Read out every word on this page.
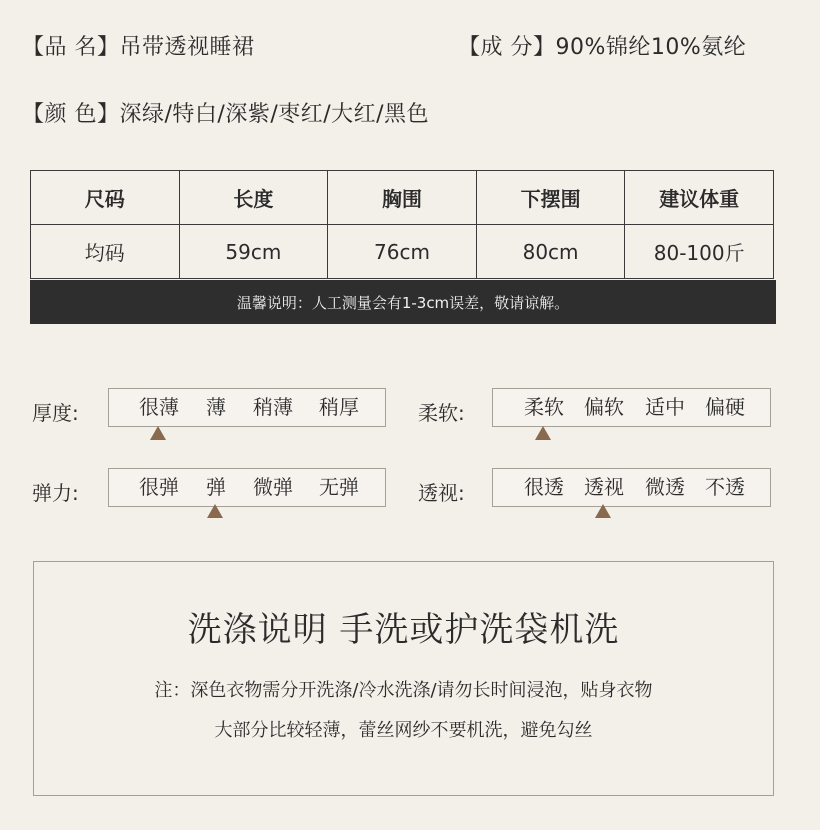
【品 名】吊带透视睡裙	【成 分】90%锦纶10%氨纶
【颜 色】深绿/特白/深紫/枣红/大红/黑色
尺码	长度	胸围	下摆围	建议体重
均码	59cm	76cm	80cm	80-100斤
温馨说明：人工测量会有1-3cm误差，敬请谅解。
厚度:	很薄 薄 稍薄 稍厚	柔软:	柔软 偏软 适中 偏硬
弹力:	很弹 弹 微弹 无弹	透视:	很透 透视 微透 不透
洗涤说明 手洗或护洗袋机洗
注：深色衣物需分开洗涤/冷水洗涤/请勿长时间浸泡，贴身衣物
大部分比较轻薄，蕾丝网纱不要机洗，避免勾丝
